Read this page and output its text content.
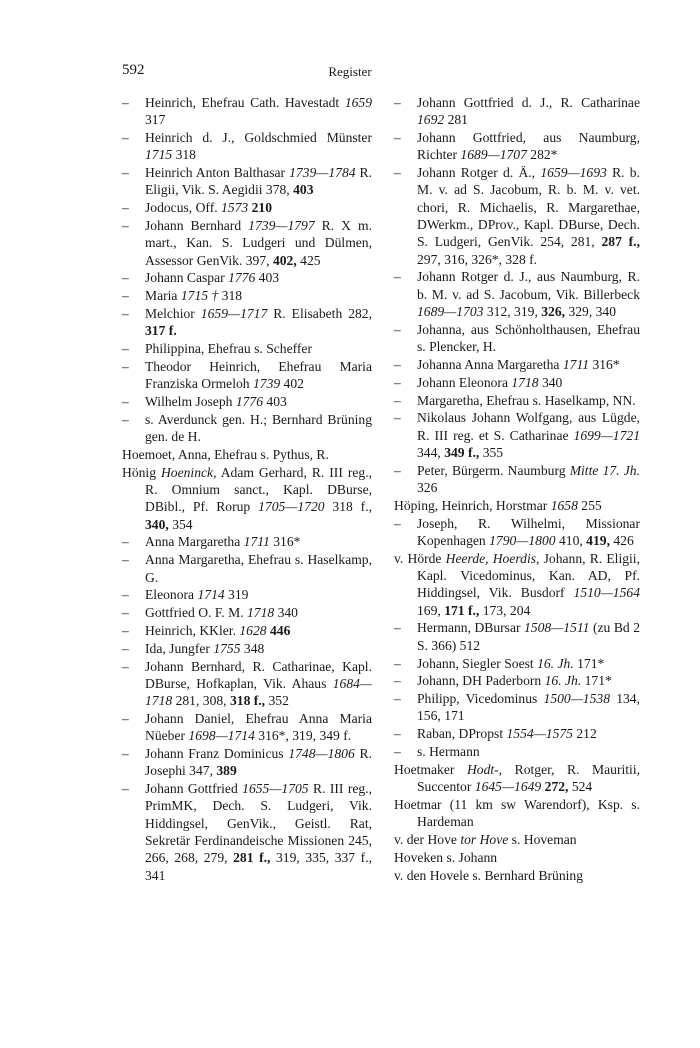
592	Register
– Heinrich, Ehefrau Cath. Havestadt 1659 317
– Heinrich d. J., Goldschmied Münster 1715 318
– Heinrich Anton Balthasar 1739—1784 R. Eligii, Vik. S. Aegidii 378, 403
– Jodocus, Off. 1573 210
– Johann Bernhard 1739—1797 R. X m. mart., Kan. S. Ludgeri und Dülmen, Assessor GenVik. 397, 402, 425
– Johann Caspar 1776 403
– Maria 1715 † 318
– Melchior 1659—1717 R. Elisabeth 282, 317 f.
– Philippina, Ehefrau s. Scheffer
– Theodor Heinrich, Ehefrau Maria Franziska Ormeloh 1739 402
– Wilhelm Joseph 1776 403
– s. Averdunck gen. H.; Bernhard Brüning gen. de H.
Hoemoet, Anna, Ehefrau s. Pythus, R.
Hönig Hoeninck, Adam Gerhard, R. III reg., R. Omnium sanct., Kapl. DBurse, DBibl., Pf. Rorup 1705—1720 318 f., 340, 354
– Anna Margaretha 1711 316*
– Anna Margaretha, Ehefrau s. Haselkamp, G.
– Eleonora 1714 319
– Gottfried O. F. M. 1718 340
– Heinrich, KKler. 1628 446
– Ida, Jungfer 1755 348
– Johann Bernhard, R. Catharinae, Kapl. DBurse, Hofkaplan, Vik. Ahaus 1684—1718 281, 308, 318 f., 352
– Johann Daniel, Ehefrau Anna Maria Nüeber 1698—1714 316*, 319, 349 f.
– Johann Franz Dominicus 1748—1806 R. Josephi 347, 389
– Johann Gottfried 1655—1705 R. III reg., PrimMK, Dech. S. Ludgeri, Vik. Hiddingsel, GenVik., Geistl. Rat, Sekretär Ferdinandeische Missionen 245, 266, 268, 279, 281 f., 319, 335, 337 f., 341
– Johann Gottfried d. J., R. Catharinae 1692 281
– Johann Gottfried, aus Naumburg, Richter 1689—1707 282*
– Johann Rotger d. Ä., 1659—1693 R. b. M. v. ad S. Jacobum, R. b. M. v. vet. chori, R. Michaelis, R. Margarethae, DWerkm., DProv., Kapl. DBurse, Dech. S. Ludgeri, GenVik. 254, 281, 287 f., 297, 316, 326*, 328 f.
– Johann Rotger d. J., aus Naumburg, R. b. M. v. ad S. Jacobum, Vik. Billerbeck 1689—1703 312, 319, 326, 329, 340
– Johanna, aus Schönholthausen, Ehefrau s. Plencker, H.
– Johanna Anna Margaretha 1711 316*
– Johann Eleonora 1718 340
– Margaretha, Ehefrau s. Haselkamp, NN.
– Nikolaus Johann Wolfgang, aus Lügde, R. III reg. et S. Catharinae 1699—1721 344, 349 f., 355
– Peter, Bürgerm. Naumburg Mitte 17. Jh. 326
Höping, Heinrich, Horstmar 1658 255
– Joseph, R. Wilhelmi, Missionar Kopenhagen 1790—1800 410, 419, 426
v. Hörde Heerde, Hoerdis, Johann, R. Eligii, Kapl. Vicedominus, Kan. AD, Pf. Hiddingsel, Vik. Busdorf 1510—1564 169, 171 f., 173, 204
– Hermann, DBursar 1508—1511 (zu Bd 2 S. 366) 512
– Johann, Siegler Soest 16. Jh. 171*
– Johann, DH Paderborn 16. Jh. 171*
– Philipp, Vicedominus 1500—1538 134, 156, 171
– Raban, DPropst 1554—1575 212
– s. Hermann
Hoetmaker Hodt-, Rotger, R. Mauritii, Succentor 1645—1649 272, 524
Hoetmar (11 km sw Warendorf), Ksp. s. Hardeman
v. der Hove tor Hove s. Hoveman
Hoveken s. Johann
v. den Hovele s. Bernhard Brüning
